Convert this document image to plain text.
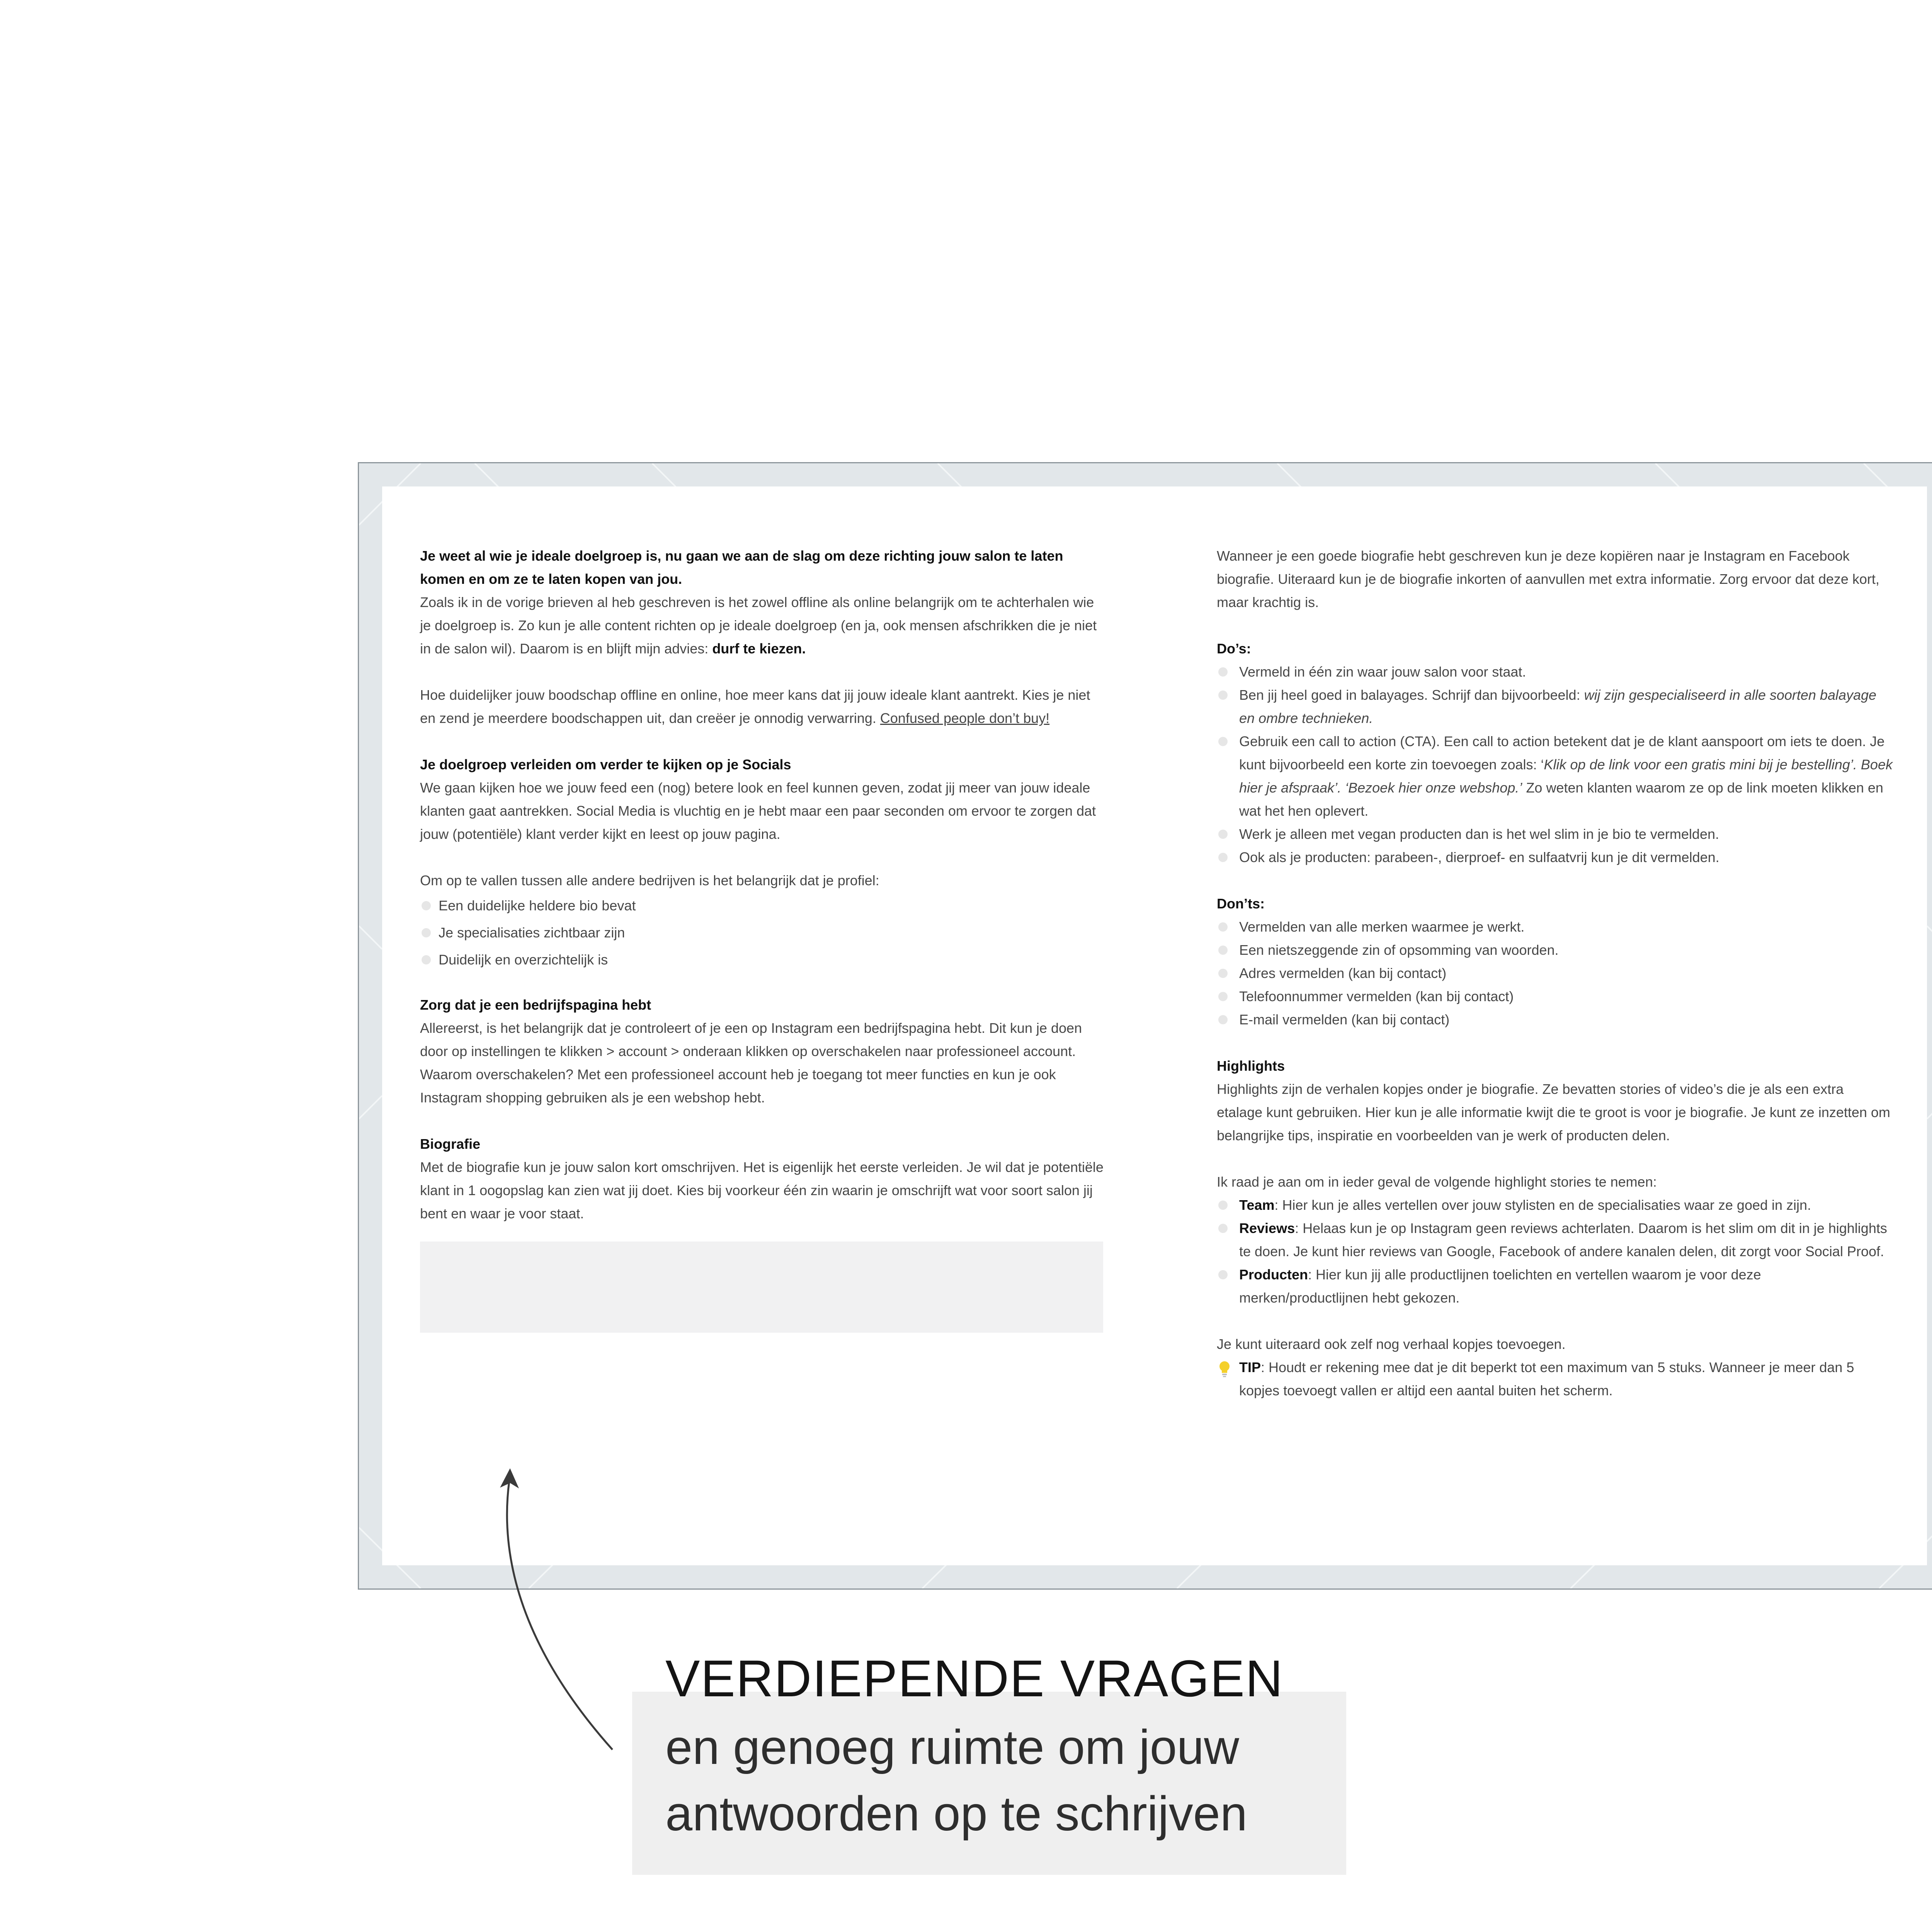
Je weet al wie je ideale doelgroep is, nu gaan we aan de slag om deze richting jouw salon te laten komen en om ze te laten kopen van jou.

Zoals ik in de vorige brieven al heb geschreven is het zowel offline als online belangrijk om te achterhalen wie je doelgroep is. Zo kun je alle content richten op je ideale doelgroep (en ja, ook mensen afschrikken die je niet in de salon wil). Daarom is en blijft mijn advies: durf te kiezen.

Hoe duidelijker jouw boodschap offline en online, hoe meer kans dat jij jouw ideale klant aantrekt. Kies je niet en zend je meerdere boodschappen uit, dan creëer je onnodig verwarring. Confused people don’t buy!

Je doelgroep verleiden om verder te kijken op je Socials

We gaan kijken hoe we jouw feed een (nog) betere look en feel kunnen geven, zodat jij meer van jouw ideale klanten gaat aantrekken. Social Media is vluchtig en je hebt maar een paar seconden om ervoor te zorgen dat jouw (potentiële) klant verder kijkt en leest op jouw pagina.

Om op te vallen tussen alle andere bedrijven is het belangrijk dat je profiel:

Een duidelijke heldere bio bevat
Je specialisaties zichtbaar zijn
Duidelijk en overzichtelijk is

Zorg dat je een bedrijfspagina hebt

Allereerst, is het belangrijk dat je controleert of je een op Instagram een bedrijfspagina hebt. Dit kun je doen door op instellingen te klikken > account > onderaan klikken op overschakelen naar professioneel account. Waarom overschakelen? Met een professioneel account heb je toegang tot meer functies en kun je ook Instagram shopping gebruiken als je een webshop hebt.

Biografie

Met de biografie kun je jouw salon kort omschrijven. Het is eigenlijk het eerste verleiden. Je wil dat je potentiële klant in 1 oogopslag kan zien wat jij doet. Kies bij voorkeur één zin waarin je omschrijft wat voor soort salon jij bent en waar je voor staat.

Wanneer je een goede biografie hebt geschreven kun je deze kopiëren naar je Instagram en Facebook biografie. Uiteraard kun je de biografie inkorten of aanvullen met extra informatie. Zorg ervoor dat deze kort, maar krachtig is.

Do’s:

Vermeld in één zin waar jouw salon voor staat.
Ben jij heel goed in balayages. Schrijf dan bijvoorbeeld: wij zijn gespecialiseerd in alle soorten balayage en ombre technieken.
Gebruik een call to action (CTA). Een call to action betekent dat je de klant aanspoort om iets te doen. Je kunt bijvoorbeeld een korte zin toevoegen zoals: ‘Klik op de link voor een gratis mini bij je bestelling’. Boek hier je afspraak’. ‘Bezoek hier onze webshop.’ Zo weten klanten waarom ze op de link moeten klikken en wat het hen oplevert.
Werk je alleen met vegan producten dan is het wel slim in je bio te vermelden.
Ook als je producten: parabeen-, dierproef- en sulfaatvrij kun je dit vermelden.

Don’ts:

Vermelden van alle merken waarmee je werkt.
Een nietszeggende zin of opsomming van woorden.
Adres vermelden (kan bij contact)
Telefoonnummer vermelden (kan bij contact)
E-mail vermelden (kan bij contact)

Highlights

Highlights zijn de verhalen kopjes onder je biografie. Ze bevatten stories of video’s die je als een extra etalage kunt gebruiken. Hier kun je alle informatie kwijt die te groot is voor je biografie. Je kunt ze inzetten om belangrijke tips, inspiratie en voorbeelden van je werk of producten delen.

Ik raad je aan om in ieder geval de volgende highlight stories te nemen:

Team: Hier kun je alles vertellen over jouw stylisten en de specialisaties waar ze goed in zijn.
Reviews: Helaas kun je op Instagram geen reviews achterlaten. Daarom is het slim om dit in je highlights te doen. Je kunt hier reviews van Google, Facebook of andere kanalen delen, dit zorgt voor Social Proof.
Producten: Hier kun jij alle productlijnen toelichten en vertellen waarom je voor deze merken/productlijnen hebt gekozen.

Je kunt uiteraard ook zelf nog verhaal kopjes toevoegen.

TIP: Houdt er rekening mee dat je dit beperkt tot een maximum van 5 stuks. Wanneer je meer dan 5 kopjes toevoegt vallen er altijd een aantal buiten het scherm.
VERDIEPENDE VRAGEN
en genoeg ruimte om jouw
antwoorden op te schrijven
